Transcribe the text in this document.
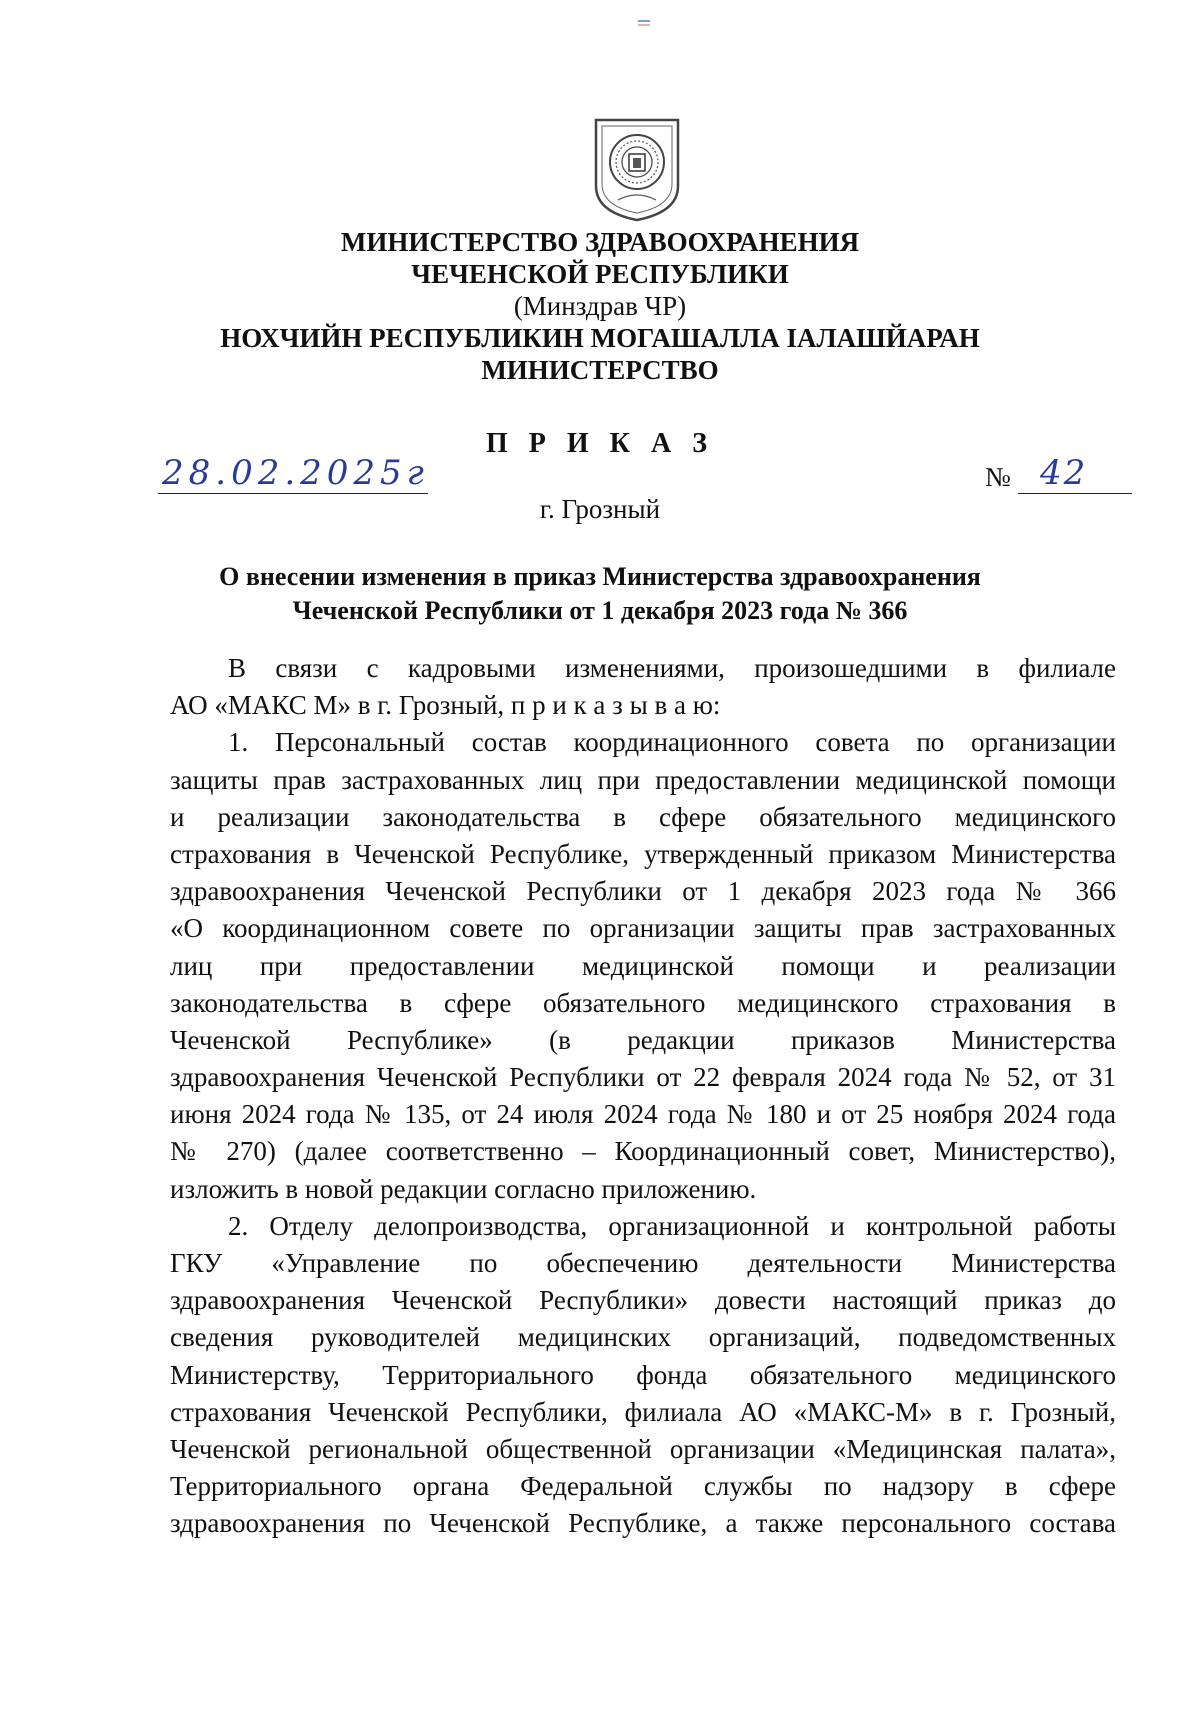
МИНИСТЕРСТВО ЗДРАВООХРАНЕНИЯ
ЧЕЧЕНСКОЙ РЕСПУБЛИКИ
(Минздрав ЧР)
НОХЧИЙН РЕСПУБЛИКИН МОГАШАЛЛА IАЛАШЙАРАН
МИНИСТЕРСТВО
П Р И К А З
28.02.2025г	№ 42
г. Грозный
О внесении изменения в приказ Министерства здравоохранения
Чеченской Республики от 1 декабря 2023 года № 366
В связи с кадровыми изменениями, произошедшими в филиале
АО «МАКС М» в г. Грозный, п р и к а з ы в а ю:
1. Персональный состав координационного совета по организации
защиты прав застрахованных лиц при предоставлении медицинской помощи
и реализации законодательства в сфере обязательного медицинского
страхования в Чеченской Республике, утвержденный приказом Министерства
здравоохранения Чеченской Республики от 1 декабря 2023 года № 366
«О координационном совете по организации защиты прав застрахованных
лиц при предоставлении медицинской помощи и реализации
законодательства в сфере обязательного медицинского страхования в
Чеченской Республике» (в редакции приказов Министерства
здравоохранения Чеченской Республики от 22 февраля 2024 года № 52, от 31
июня 2024 года № 135, от 24 июля 2024 года № 180 и от 25 ноября 2024 года
№ 270) (далее соответственно – Координационный совет, Министерство),
изложить в новой редакции согласно приложению.
2. Отделу делопроизводства, организационной и контрольной работы
ГКУ «Управление по обеспечению деятельности Министерства
здравоохранения Чеченской Республики» довести настоящий приказ до
сведения руководителей медицинских организаций, подведомственных
Министерству, Территориального фонда обязательного медицинского
страхования Чеченской Республики, филиала АО «МАКС-М» в г. Грозный,
Чеченской региональной общественной организации «Медицинская палата»,
Территориального органа Федеральной службы по надзору в сфере
здравоохранения по Чеченской Республике, а также персонального состава
